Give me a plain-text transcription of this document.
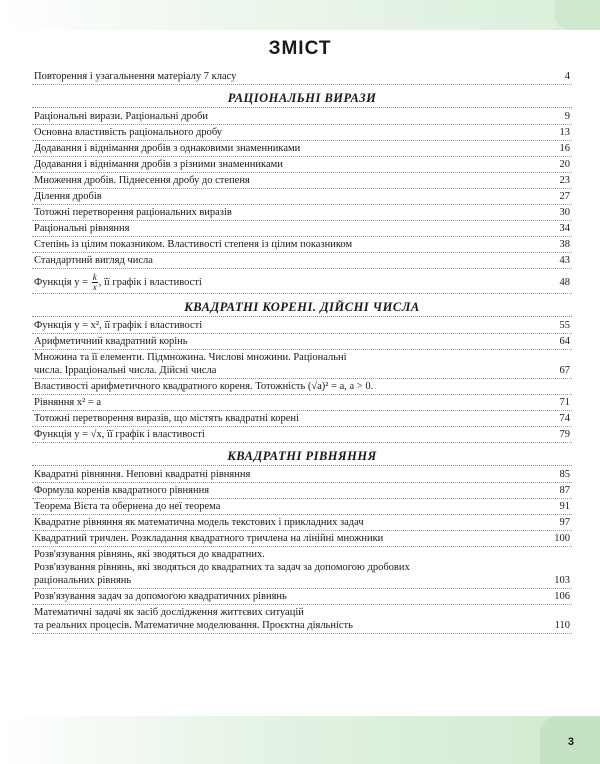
ЗМІСТ
Повторення і узагальнення матеріалу 7 класу	4
РАЦІОНАЛЬНІ ВИРАЗИ
Раціональні вирази. Раціональні дроби	9
Основна властивість раціонального дробу	13
Додавання і віднімання дробів з однаковими знаменниками	16
Додавання і віднімання дробів з різними знаменниками	20
Множення дробів. Піднесення дробу до степеня	23
Ділення дробів	27
Тотожні перетворення раціональних виразів	30
Раціональні рівняння	34
Степінь із цілим показником. Властивості степеня із цілим показником	38
Стандартний вигляд числа	43
Функція $y = \frac{k}{x}$ , її графік і властивості	48
КВАДРАТНІ КОРЕНІ. ДІЙСНІ ЧИСЛА
Функція y = x², її графік і властивості	55
Арифметичний квадратний корінь	64
Множина та її елементи. Підмножина. Числові множини. Раціональні
числа. Ірраціональні числа. Дійсні числа	67
Властивості арифметичного квадратного кореня. Тотожність (√a)² = a, a > 0.
Рівняння x² = a	71
Тотожні перетворення виразів, що містять квадратні корені	74
Функція y = √x, її графік і властивості	79
КВАДРАТНІ РІВНЯННЯ
Квадратні рівняння. Неповні квадратні рівняння	85
Формула коренів квадратного рівняння	87
Теорема Вієта та обернена до неї теорема	91
Квадратне рівняння як математична модель текстових і прикладних задач	97
Квадратний тричлен. Розкладання квадратного тричлена на лінійні множники	100
Розв'язування рівнянь, які зводяться до квадратних.
Розв'язування рівнянь, які зводяться до квадратних та задач за допомогою дробових
раціональних рівнянь	103
Розв'язування задач за допомогою квадратичних рівнянь	106
Математичні задачі як засіб дослідження життєвих ситуацій
та реальних процесів. Математичне моделювання. Проєктна діяльність	110
3
